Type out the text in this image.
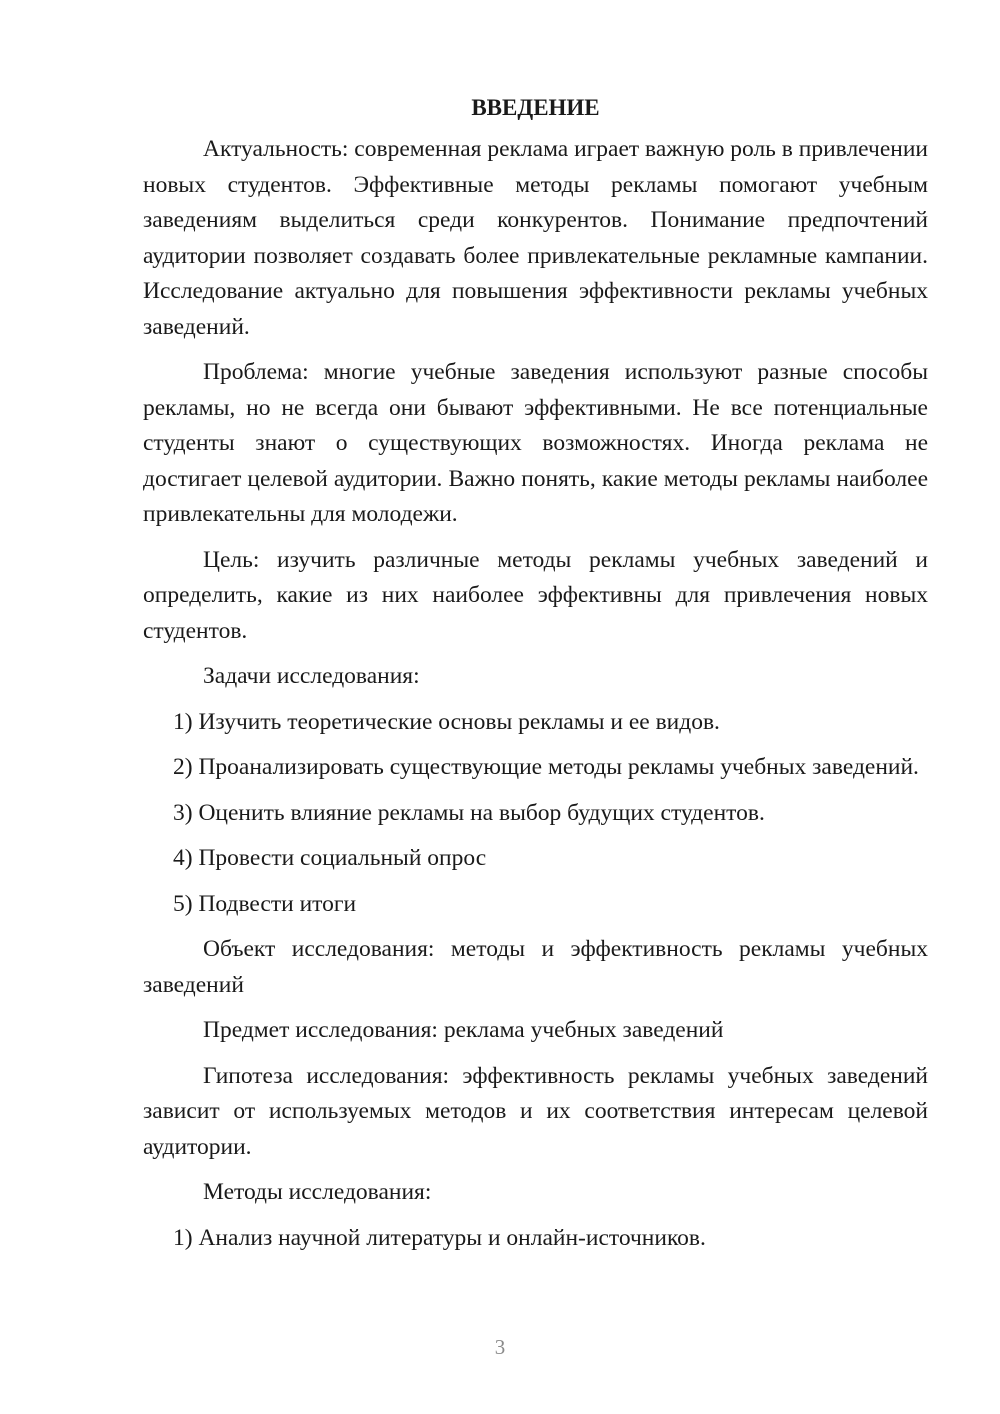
ВВЕДЕНИЕ

Актуальность: современная реклама играет важную роль в привлечении новых студентов. Эффективные методы рекламы помогают учебным заведениям выделиться среди конкурентов. Понимание предпочтений аудитории позволяет создавать более привлекательные рекламные кампании. Исследование актуально для повышения эффективности рекламы учебных заведений.

Проблема: многие учебные заведения используют разные способы рекламы, но не всегда они бывают эффективными. Не все потенциальные студенты знают о существующих возможностях. Иногда реклама не достигает целевой аудитории. Важно понять, какие методы рекламы наиболее привлекательны для молодежи.

Цель: изучить различные методы рекламы учебных заведений и определить, какие из них наиболее эффективны для привлечения новых студентов.

Задачи исследования:

1) Изучить теоретические основы рекламы и ее видов.

2) Проанализировать существующие методы рекламы учебных заведений.

3) Оценить влияние рекламы на выбор будущих студентов.

4) Провести социальный опрос

5) Подвести итоги

Объект исследования: методы и эффективность рекламы учебных заведений

Предмет исследования: реклама учебных заведений

Гипотеза исследования: эффективность рекламы учебных заведений зависит от используемых методов и их соответствия интересам целевой аудитории.

Методы исследования:

1) Анализ научной литературы и онлайн-источников.

3
